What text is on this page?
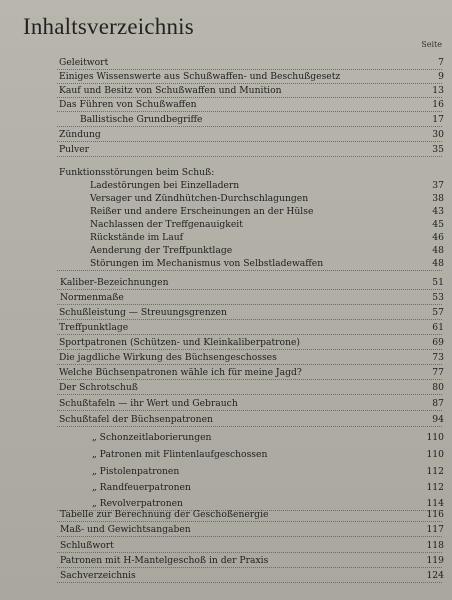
Inhaltsverzeichnis
Seite
Geleitwort	7
Einiges Wissenswerte aus Schußwaffen- und Beschußgesetz	9
Kauf und Besitz von Schußwaffen und Munition	13
Das Führen von Schußwaffen	16
Ballistische Grundbegriffe	17
Zündung	30
Pulver	35
Funktionsstörungen beim Schuß:
Ladestörungen bei Einzelladern	37
Versager und Zündhütchen-Durchschlagungen	38
Reißer und andere Erscheinungen an der Hülse	43
Nachlassen der Treffgenauigkeit	45
Rückstände im Lauf	46
Aenderung der Treffpunktlage	48
Störungen im Mechanismus von Selbstladewaffen	48
Kaliber-Bezeichnungen	51
Normenmaße	53
Schußleistung — Streuungsgrenzen	57
Treffpunktlage	61
Sportpatronen (Schützen- und Kleinkaliberpatrone)	69
Die jagdliche Wirkung des Büchsengeschosses	73
Welche Büchsenpatronen wähle ich für meine Jagd?	77
Der Schrotschuß	80
Schußtafeln — ihr Wert und Gebrauch	87
Schußtafel der Büchsenpatronen	94
„ Schonzeitlaborierungen	110
„ Patronen mit Flintenlaufgeschossen	110
„ Pistolenpatronen	112
„ Randfeuerpatronen	112
„ Revolverpatronen	114
Tabelle zur Berechnung der Geschoßenergie	116
Maß- und Gewichtsangaben	117
Schlußwort	118
Patronen mit H-Mantelgeschoß in der Praxis	119
Sachverzeichnis	124
